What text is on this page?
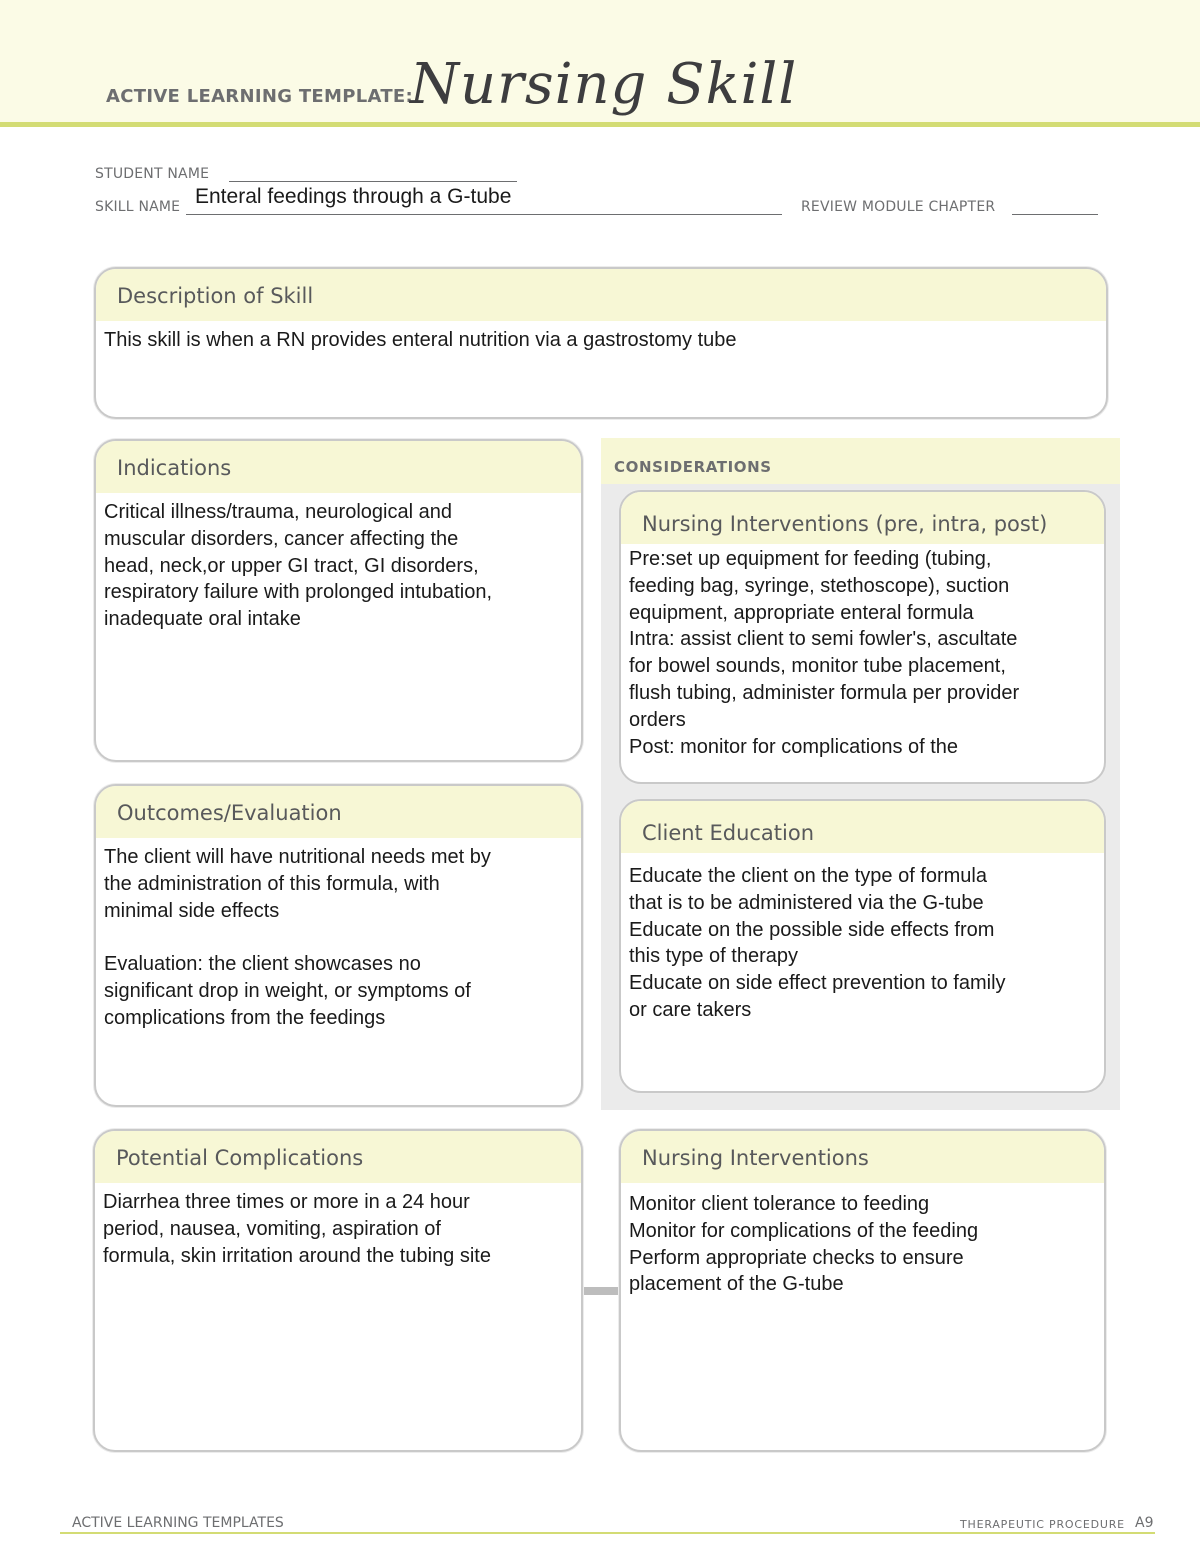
ACTIVE LEARNING TEMPLATE:
Nursing Skill
STUDENT NAME
SKILL NAME Enteral feedings through a G-tube	REVIEW MODULE CHAPTER
Description of Skill
This skill is when a RN provides enteral nutrition via a gastrostomy tube
CONSIDERATIONS
Indications
Critical illness/trauma, neurological and
muscular disorders, cancer affecting the
head, neck,or upper GI tract, GI disorders,
respiratory failure with prolonged intubation,
inadequate oral intake
Nursing Interventions (pre, intra, post)
Pre:set up equipment for feeding (tubing,
feeding bag, syringe, stethoscope), suction
equipment, appropriate enteral formula
Intra: assist client to semi fowler's, ascultate
for bowel sounds, monitor tube placement,
flush tubing, administer formula per provider
orders
Post: monitor for complications of the
Outcomes/Evaluation
The client will have nutritional needs met by
the administration of this formula, with
minimal side effects

Evaluation: the client showcases no
significant drop in weight, or symptoms of
complications from the feedings
Client Education
Educate the client on the type of formula
that is to be administered via the G-tube
Educate on the possible side effects from
this type of therapy
Educate on side effect prevention to family
or care takers
Potential Complications
Diarrhea three times or more in a 24 hour
period, nausea, vomiting, aspiration of
formula, skin irritation around the tubing site
Nursing Interventions
Monitor client tolerance to feeding
Monitor for complications of the feeding
Perform appropriate checks to ensure
placement of the G-tube
ACTIVE LEARNING TEMPLATES	THERAPEUTIC PROCEDURE A9
